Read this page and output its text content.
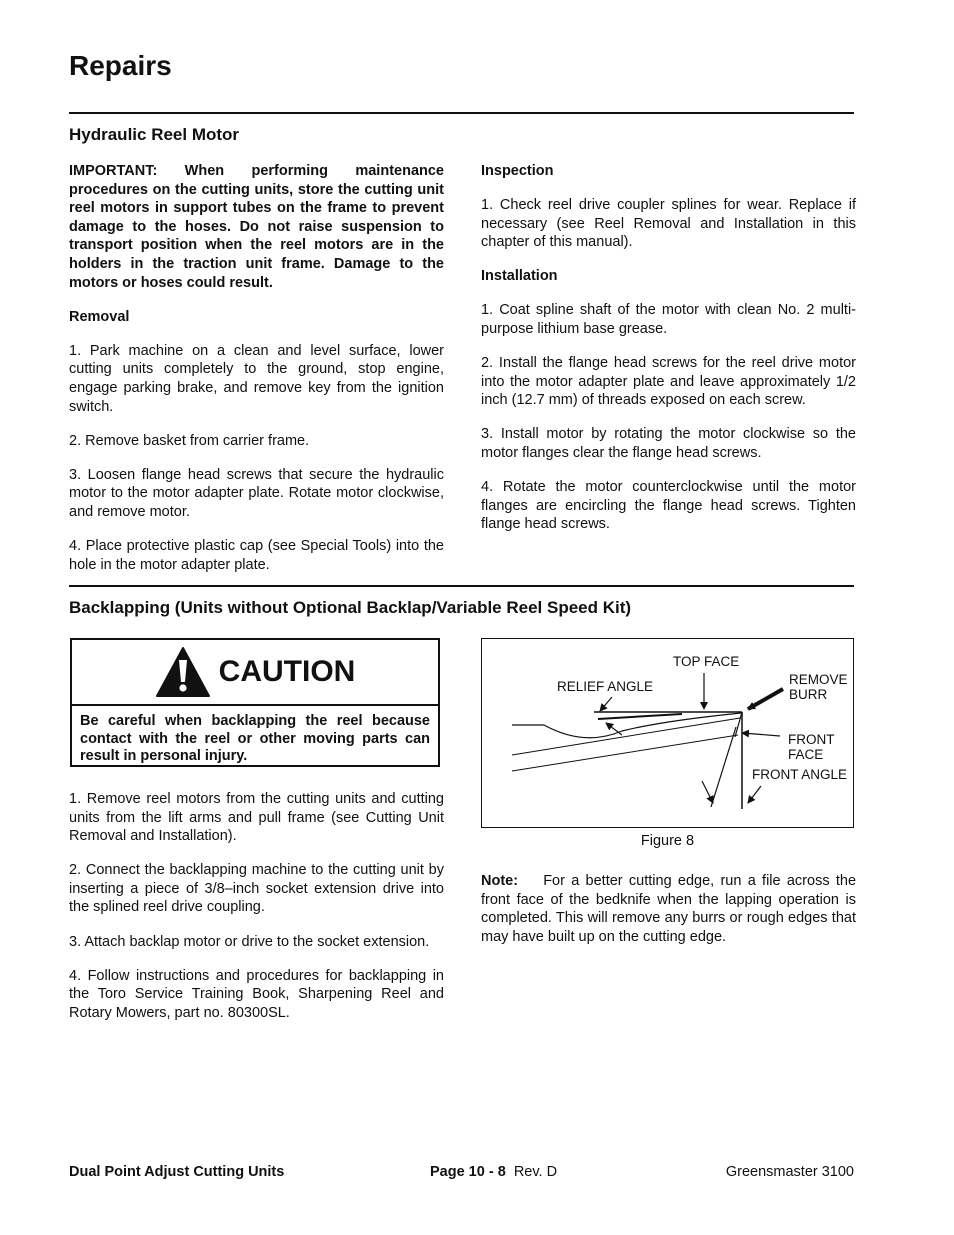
Repairs
Hydraulic Reel Motor

IMPORTANT: When performing maintenance procedures on the cutting units, store the cutting unit reel motors in support tubes on the frame to prevent damage to the hoses. Do not raise suspension to transport position when the reel motors are in the holders in the traction unit frame. Damage to the motors or hoses could result.

Removal

1. Park machine on a clean and level surface, lower cutting units completely to the ground, stop engine, engage parking brake, and remove key from the ignition switch.

2. Remove basket from carrier frame.

3. Loosen flange head screws that secure the hydraulic motor to the motor adapter plate. Rotate motor clockwise, and remove motor.

4. Place protective plastic cap (see Special Tools) into the hole in the motor adapter plate.

Inspection

1. Check reel drive coupler splines for wear. Replace if necessary (see Reel Removal and Installation in this chapter of this manual).

Installation

1. Coat spline shaft of the motor with clean No. 2 multi-purpose lithium base grease.

2. Install the flange head screws for the reel drive motor into the motor adapter plate and leave approximately 1/2 inch (12.7 mm) of threads exposed on each screw.

3. Install motor by rotating the motor clockwise so the motor flanges clear the flange head screws.

4. Rotate the motor counterclockwise until the motor flanges are encircling the flange head screws. Tighten flange head screws.

Backlapping (Units without Optional Backlap/Variable Reel Speed Kit)
CAUTION
Be careful when backlapping the reel because contact with the reel or other moving parts can result in personal injury.

1. Remove reel motors from the cutting units and cutting units from the lift arms and pull frame (see Cutting Unit Removal and Installation).

2. Connect the backlapping machine to the cutting unit by inserting a piece of 3/8–inch socket extension drive into the splined reel drive coupling.

3. Attach backlap motor or drive to the socket extension.

4. Follow instructions and procedures for backlapping in the Toro Service Training Book, Sharpening Reel and Rotary Mowers, part no. 80300SL.

TOP FACE
RELIEF ANGLE	REMOVE
BURR
FRONT
FACE
FRONT ANGLE
Figure 8

Note: For a better cutting edge, run a file across the front face of the bedknife when the lapping operation is completed. This will remove any burrs or rough edges that may have built up on the cutting edge.

Dual Point Adjust Cutting Units	Page 10 - 8 Rev. D	Greensmaster 3100
